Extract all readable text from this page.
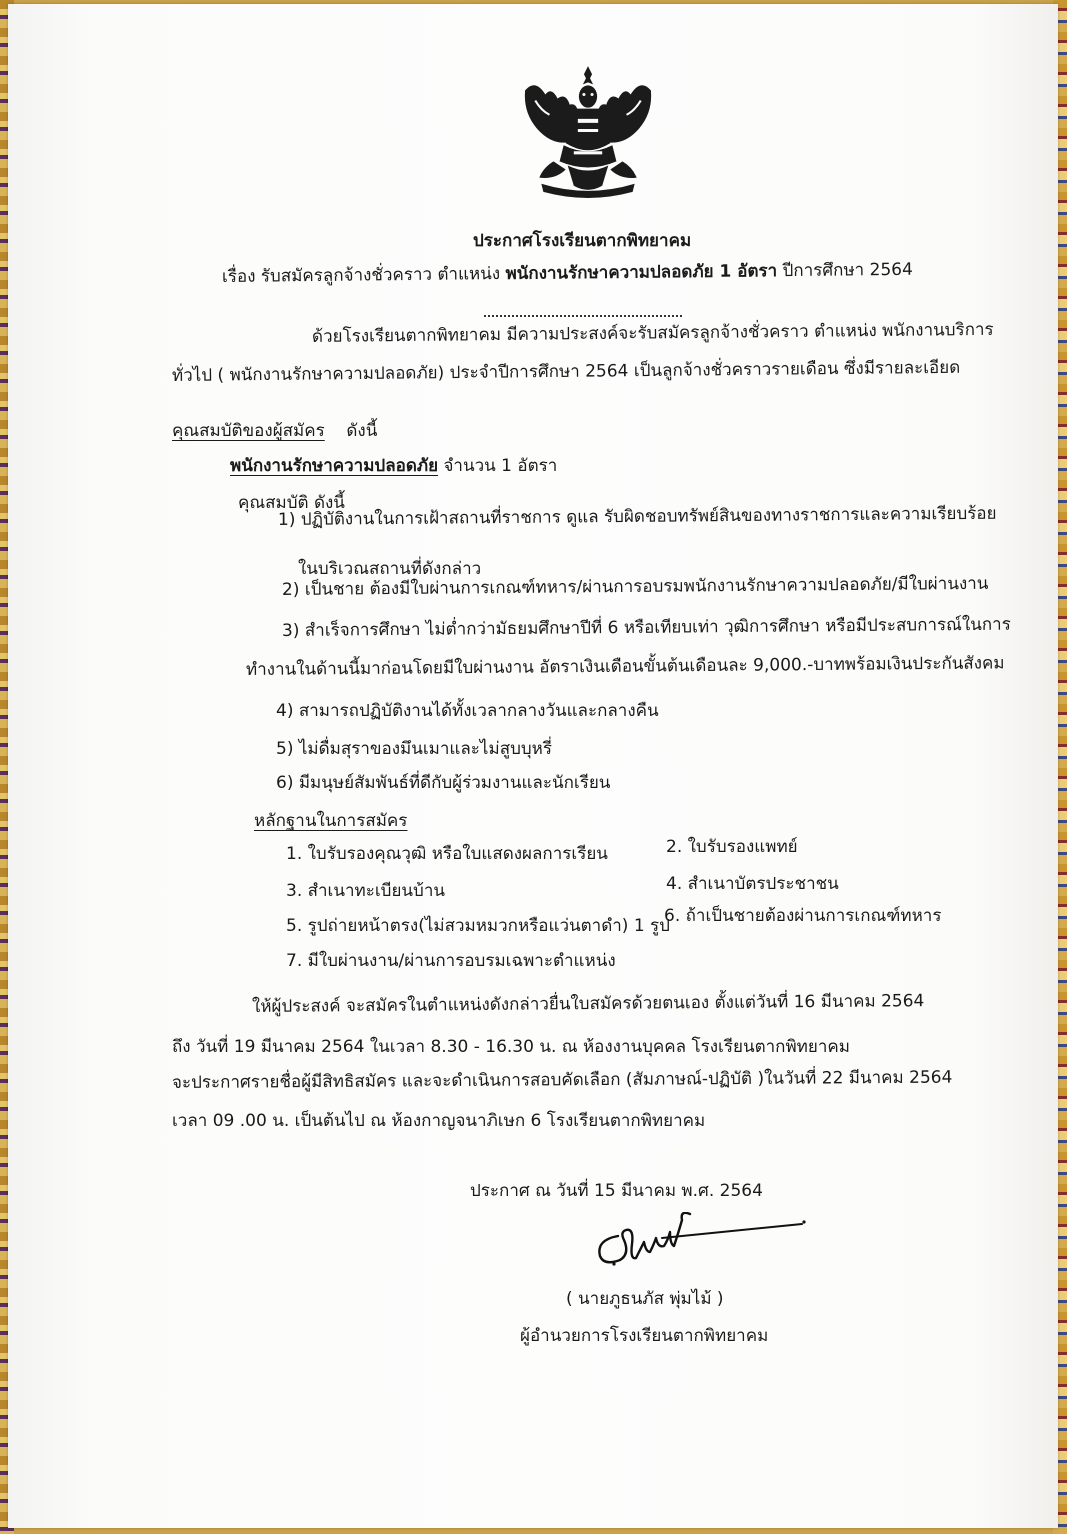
ประกาศโรงเรียนตากพิทยาคม
เรื่อง รับสมัครลูกจ้างชั่วคราว ตำแหน่ง พนักงานรักษาความปลอดภัย 1 อัตรา ปีการศึกษา 2564
ด้วยโรงเรียนตากพิทยาคม มีความประสงค์จะรับสมัครลูกจ้างชั่วคราว ตำแหน่ง พนักงานบริการ
ทั่วไป ( พนักงานรักษาความปลอดภัย) ประจำปีการศึกษา 2564 เป็นลูกจ้างชั่วคราวรายเดือน ซึ่งมีรายละเอียด
คุณสมบัติของผู้สมัคร ดังนี้
พนักงานรักษาความปลอดภัย จำนวน 1 อัตรา
คุณสมบัติ ดังนี้
1) ปฏิบัติงานในการเฝ้าสถานที่ราชการ ดูแล รับผิดชอบทรัพย์สินของทางราชการและความเรียบร้อย
ในบริเวณสถานที่ดังกล่าว
2) เป็นชาย ต้องมีใบผ่านการเกณฑ์ทหาร/ผ่านการอบรมพนักงานรักษาความปลอดภัย/มีใบผ่านงาน
3) สำเร็จการศึกษา ไม่ต่ำกว่ามัธยมศึกษาปีที่ 6 หรือเทียบเท่า วุฒิการศึกษา หรือมีประสบการณ์ในการ
ทำงานในด้านนี้มาก่อนโดยมีใบผ่านงาน อัตราเงินเดือนขั้นต้นเดือนละ 9,000.-บาทพร้อมเงินประกันสังคม
4) สามารถปฏิบัติงานได้ทั้งเวลากลางวันและกลางคืน
5) ไม่ดื่มสุราของมึนเมาและไม่สูบบุหรี่
6) มีมนุษย์สัมพันธ์ที่ดีกับผู้ร่วมงานและนักเรียน
หลักฐานในการสมัคร
1. ใบรับรองคุณวุฒิ หรือใบแสดงผลการเรียน	2. ใบรับรองแพทย์
3. สำเนาทะเบียนบ้าน	4. สำเนาบัตรประชาชน
5. รูปถ่ายหน้าตรง(ไม่สวมหมวกหรือแว่นตาดำ) 1 รูป
6. ถ้าเป็นชายต้องผ่านการเกณฑ์ทหาร
7. มีใบผ่านงาน/ผ่านการอบรมเฉพาะตำแหน่ง
ให้ผู้ประสงค์ จะสมัครในตำแหน่งดังกล่าวยื่นใบสมัครด้วยตนเอง ตั้งแต่วันที่ 16 มีนาคม 2564
ถึง วันที่ 19 มีนาคม 2564 ในเวลา 8.30 - 16.30 น. ณ ห้องงานบุคคล โรงเรียนตากพิทยาคม
จะประกาศรายชื่อผู้มีสิทธิสมัคร และจะดำเนินการสอบคัดเลือก (สัมภาษณ์-ปฏิบัติ )ในวันที่ 22 มีนาคม 2564
เวลา 09 .00 น. เป็นต้นไป ณ ห้องกาญจนาภิเษก 6 โรงเรียนตากพิทยาคม
ประกาศ ณ วันที่ 15 มีนาคม พ.ศ. 2564
( นายภูธนภัส พุ่มไม้ )
ผู้อำนวยการโรงเรียนตากพิทยาคม
